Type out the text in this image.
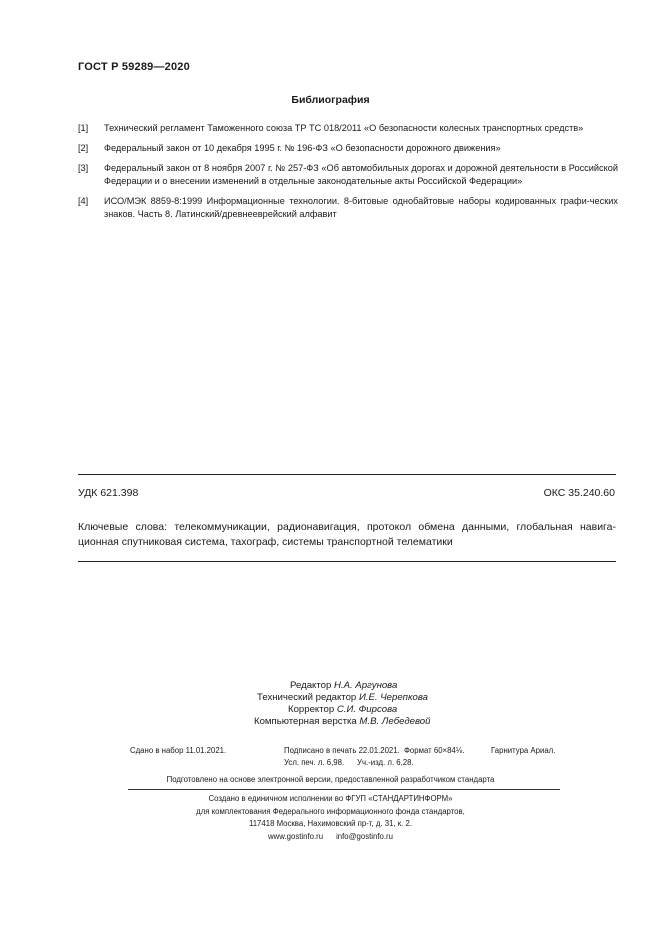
ГОСТ Р 59289—2020
Библиография
[1]	Технический регламент Таможенного союза ТР ТС 018/2011 «О безопасности колесных транспортных средств»
[2]	Федеральный закон от 10 декабря 1995 г. № 196-ФЗ «О безопасности дорожного движения»
[3]	Федеральный закон от 8 ноября 2007 г. № 257-ФЗ «Об автомобильных дорогах и дорожной деятельности в Российской Федерации и о внесении изменений в отдельные законодательные акты Российской Федерации»
[4]	ИСО/МЭК 8859-8:1999 Информационные технологии. 8-битовые однобайтовые наборы кодированных графи-ческих знаков. Часть 8. Латинский/древнееврейский алфавит
УДК 621.398	ОКС 35.240.60
Ключевые слова: телекоммуникации, радионавигация, протокол обмена данными, глобальная навига-ционная спутниковая система, тахограф, системы транспортной телематики
Редактор Н.А. Аргунова
Технический редактор И.Е. Черепкова
Корректор С.И. Фирсова
Компьютерная верстка М.В. Лебедевой
Сдано в набор 11.01.2021.	Подписано в печать 22.01.2021. Формат 60×84⅛.	Гарнитура Ариал.
Усл. печ. л. 6,98. Уч.-изд. л. 6,28.
Подготовлено на основе электронной версии, предоставленной разработчиком стандарта
Создано в единичном исполнении во ФГУП «СТАНДАРТИНФОРМ»
для комплектования Федерального информационного фонда стандартов,
117418 Москва, Нахимовский пр-т, д. 31, к. 2.
www.gostinfo.ru info@gostinfo.ru
